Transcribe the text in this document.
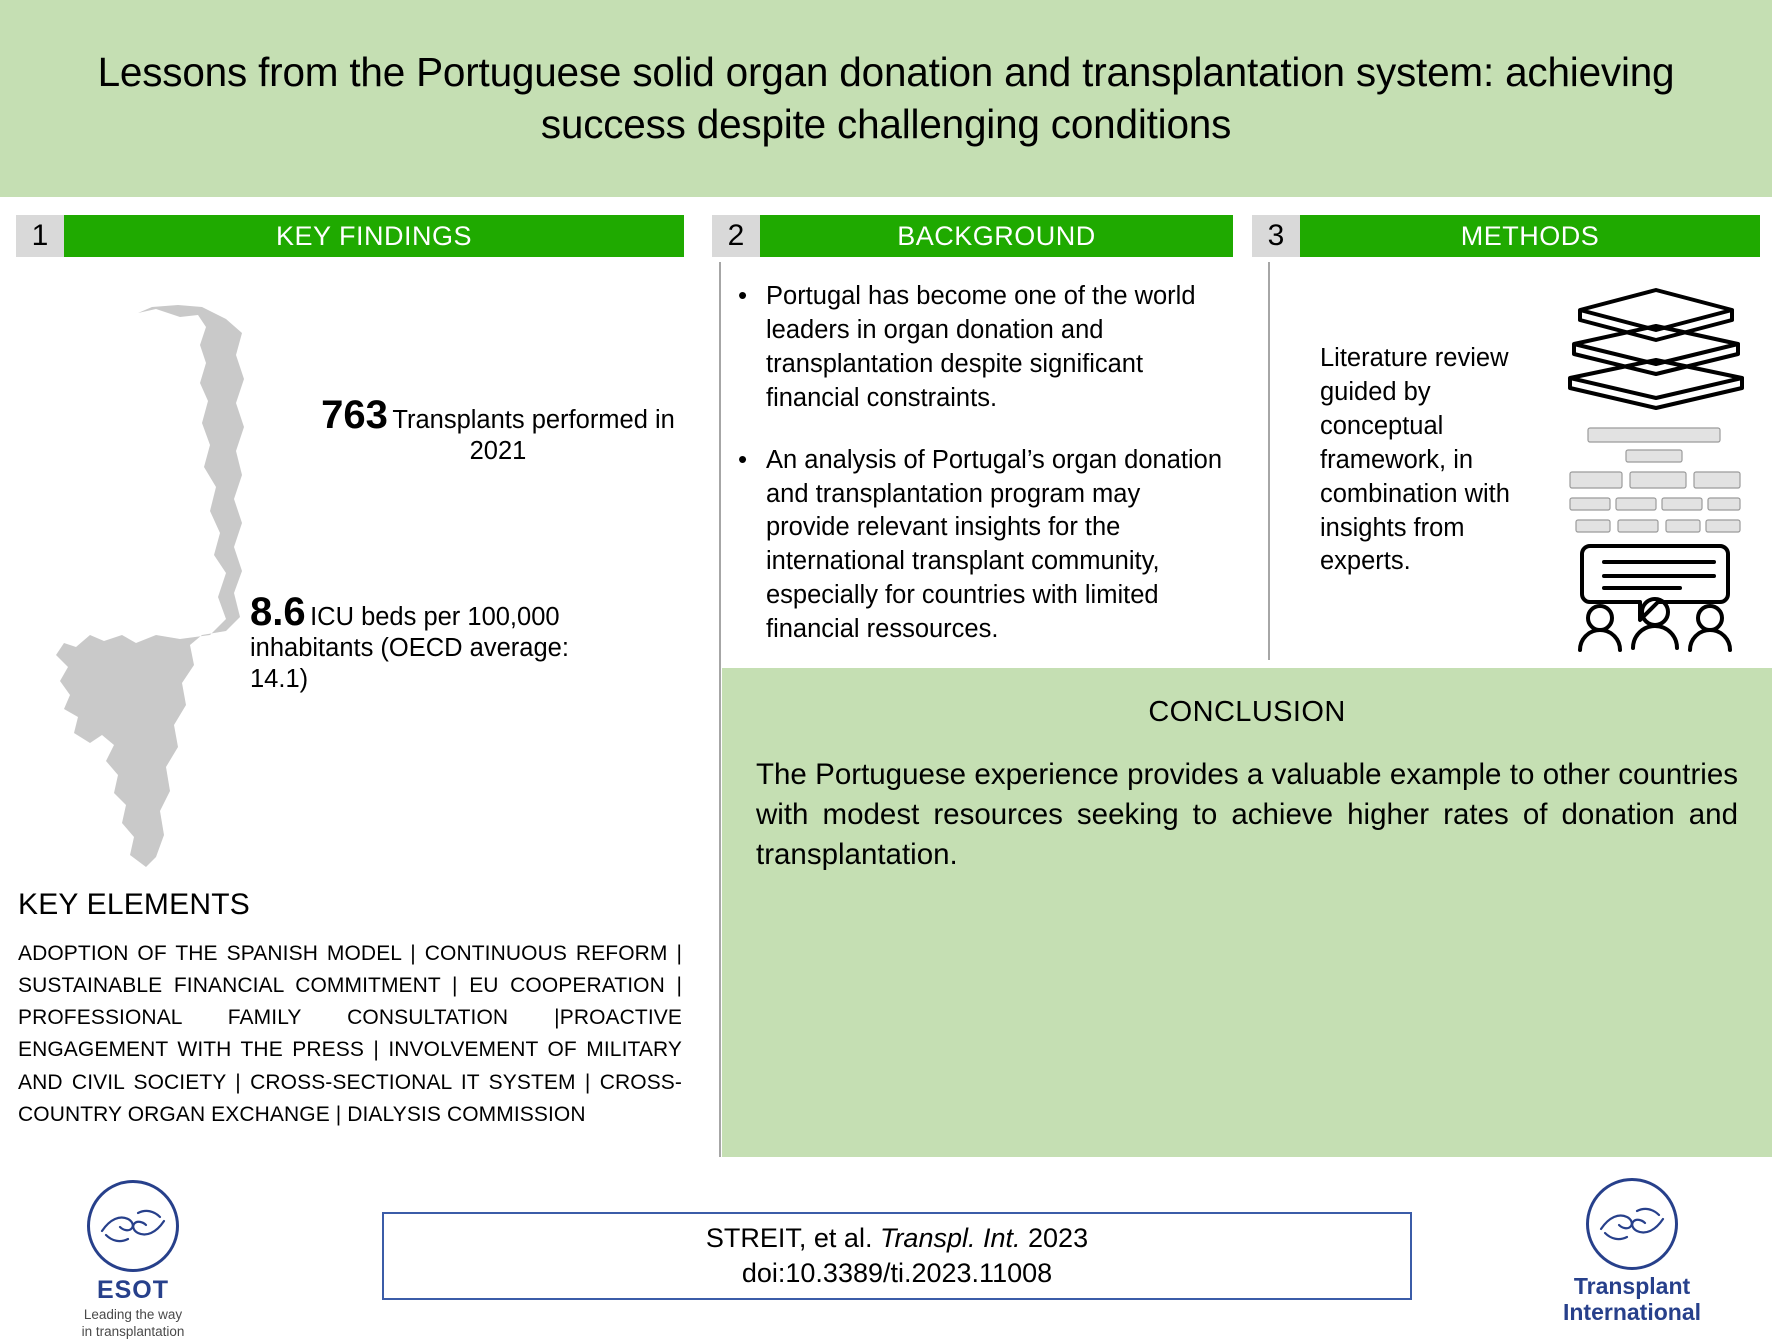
Lessons from the Portuguese solid organ donation and transplantation system: achieving success despite challenging conditions
1	KEY FINDINGS	2	BACKGROUND	3	METHODS
763 Transplants performed in 2021
8.6 ICU beds per 100,000 inhabitants (OECD average: 14.1)
KEY ELEMENTS
ADOPTION OF THE SPANISH MODEL | CONTINUOUS REFORM | SUSTAINABLE FINANCIAL COMMITMENT | EU COOPERATION | PROFESSIONAL FAMILY CONSULTATION |PROACTIVE ENGAGEMENT WITH THE PRESS | INVOLVEMENT OF MILITARY AND CIVIL SOCIETY | CROSS-SECTIONAL IT SYSTEM | CROSS-COUNTRY ORGAN EXCHANGE | DIALYSIS COMMISSION
• Portugal has become one of the world leaders in organ donation and transplantation despite significant financial constraints.
• An analysis of Portugal’s organ donation and transplantation program may provide relevant insights for the international transplant community, especially for countries with limited financial ressources.
Literature review guided by conceptual framework, in combination with insights from experts.
CONCLUSION
The Portuguese experience provides a valuable example to other countries with modest resources seeking to achieve higher rates of donation and transplantation.
STREIT, et al. Transpl. Int. 2023
doi:10.3389/ti.2023.11008
ESOT
Leading the way
in transplantation
Transplant
International
